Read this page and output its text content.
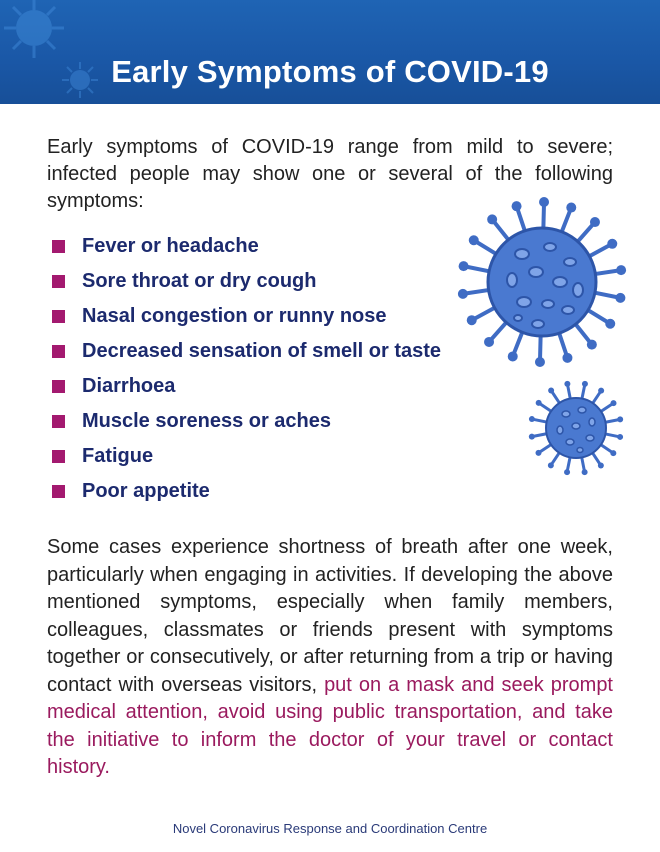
Early Symptoms of COVID-19
Early symptoms of COVID-19 range from mild to severe; infected people may show one or several of the following symptoms:
Fever or headache
Sore throat or dry cough
Nasal congestion or runny nose
Decreased sensation of smell or taste
Diarrhoea
Muscle soreness or aches
Fatigue
Poor appetite
Some cases experience shortness of breath after one week, particularly when engaging in activities. If developing the above mentioned symptoms, especially when family members, colleagues, classmates or friends present with symptoms together or consecutively, or after returning from a trip or having contact with overseas visitors, put on a mask and seek prompt medical attention, avoid using public transportation, and take the initiative to inform the doctor of your travel or contact history.
Novel Coronavirus Response and Coordination Centre
